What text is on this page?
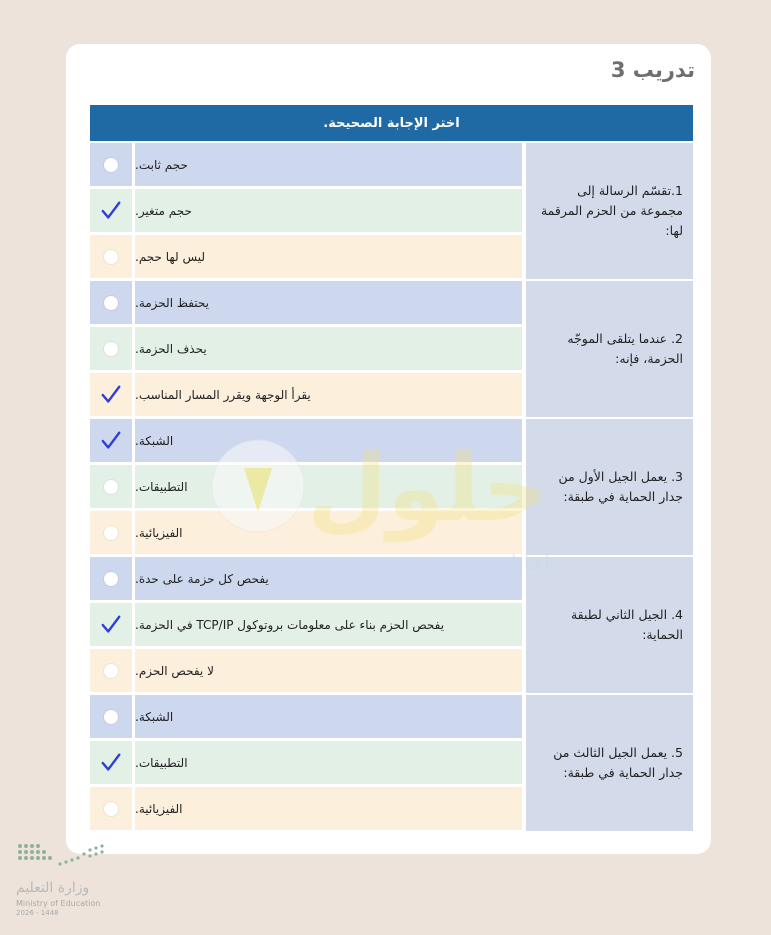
تدريب 3
اختر الإجابة الصحيحة.
1.تقسّم الرسالة إلى مجموعة من الحزم المرقمة لها:
حجم ثابت.
حجم متغير.
ليس لها حجم.
2. عندما يتلقى الموجّه الحزمة، فإنه:
يحتفظ الحزمة.
يحذف الحزمة.
يقرأ الوجهة ويقرر المسار المناسب.
3. يعمل الجيل الأول من جدار الحماية في طبقة:
الشبكة.
التطبيقات.
الفيزيائية.
4. الجيل الثاني لطبقة الحماية:
يفحص كل حزمة على حدة.
يفحص الحزم بناء على معلومات بروتوكول TCP/IP في الحزمة.
لا يفحص الحزم.
5. يعمل الجيل الثالث من جدار الحماية في طبقة:
الشبكة.
التطبيقات.
الفيزيائية.
حلول
إجابات
وزارة التعليم
Ministry of Education
2026 - 1448
